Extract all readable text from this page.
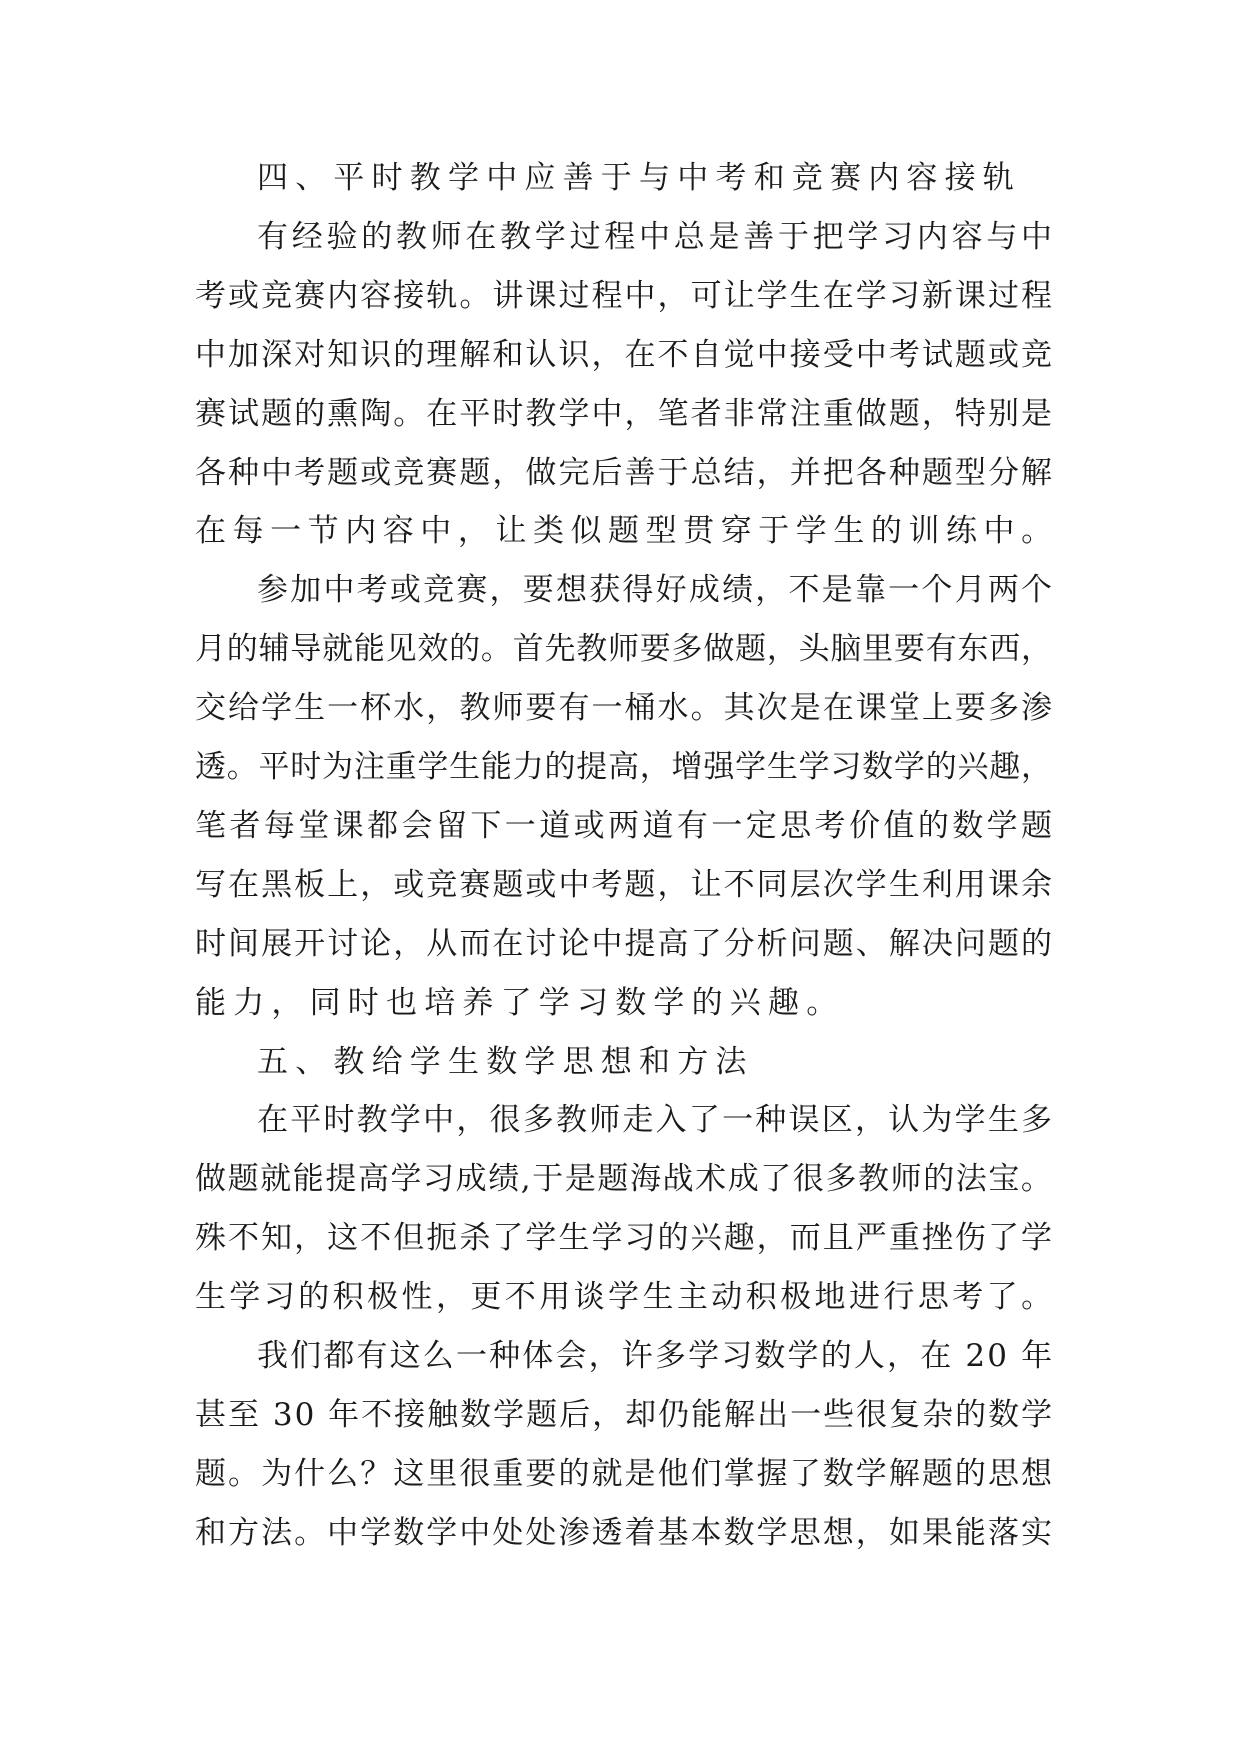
四、平时教学中应善于与中考和竞赛内容接轨
有经验的教师在教学过程中总是善于把学习内容与中
考或竞赛内容接轨。讲课过程中，可让学生在学习新课过程
中加深对知识的理解和认识，在不自觉中接受中考试题或竞
赛试题的熏陶。在平时教学中，笔者非常注重做题，特别是
各种中考题或竞赛题，做完后善于总结，并把各种题型分解
在每一节内容中，让类似题型贯穿于学生的训练中。
参加中考或竞赛，要想获得好成绩，不是靠一个月两个
月的辅导就能见效的。首先教师要多做题，头脑里要有东西，
交给学生一杯水，教师要有一桶水。其次是在课堂上要多渗
透。平时为注重学生能力的提高，增强学生学习数学的兴趣，
笔者每堂课都会留下一道或两道有一定思考价值的数学题
写在黑板上，或竞赛题或中考题，让不同层次学生利用课余
时间展开讨论，从而在讨论中提高了分析问题、解决问题的
能力，同时也培养了学习数学的兴趣。
五、教给学生数学思想和方法
在平时教学中，很多教师走入了一种误区，认为学生多
做题就能提高学习成绩,于是题海战术成了很多教师的法宝。
殊不知，这不但扼杀了学生学习的兴趣，而且严重挫伤了学
生学习的积极性，更不用谈学生主动积极地进行思考了。
我们都有这么一种体会，许多学习数学的人，在 20 年
甚至 30 年不接触数学题后，却仍能解出一些很复杂的数学
题。为什么？这里很重要的就是他们掌握了数学解题的思想
和方法。中学数学中处处渗透着基本数学思想，如果能落实
